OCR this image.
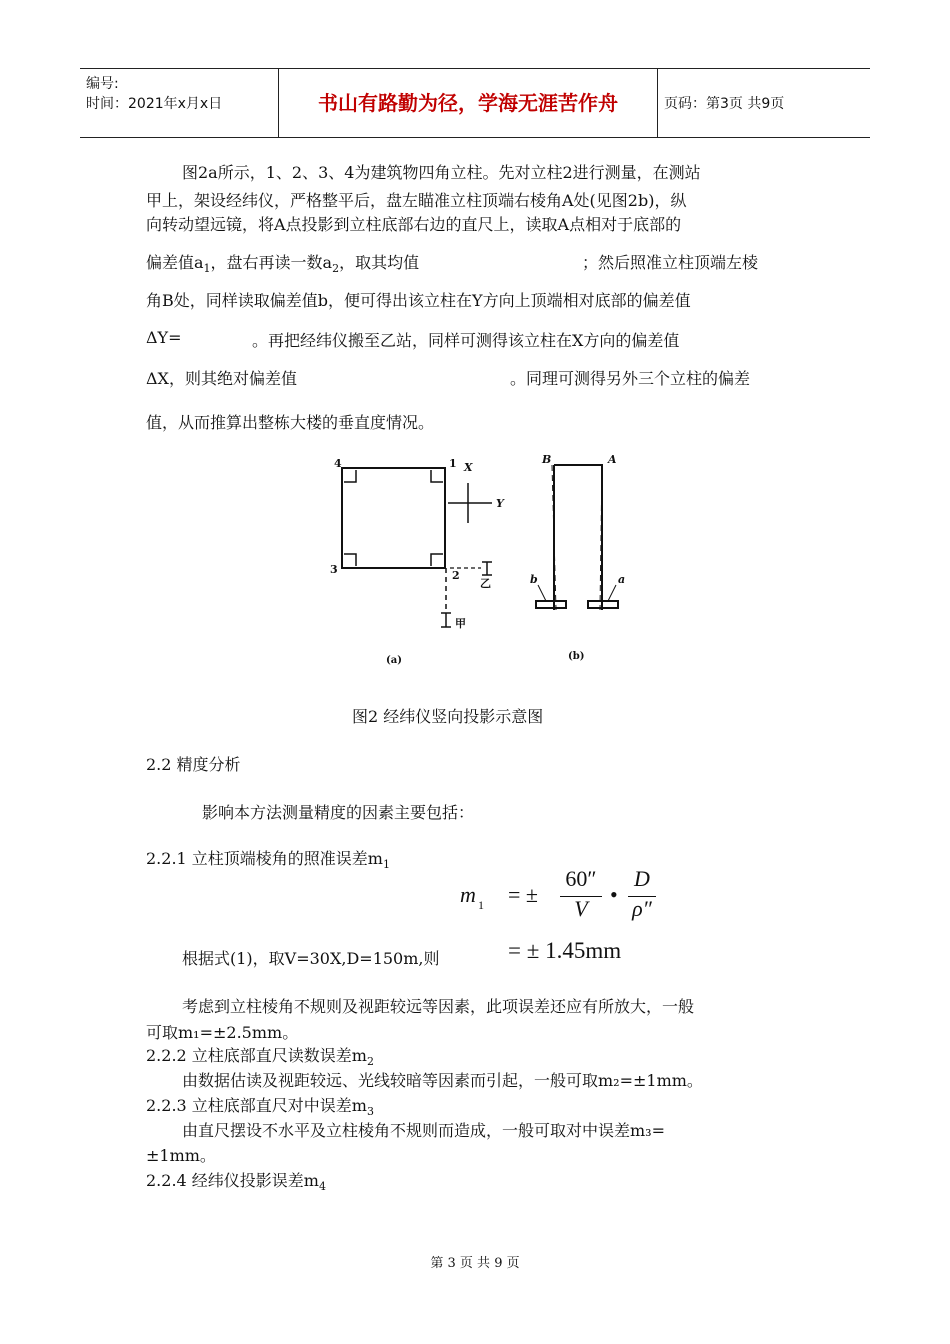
编号:
时间：2021年x月x日	书山有路勤为径，学海无涯苦作舟	页码：第3页 共9页
图2a所示，1、2、3、4为建筑物四角立柱。先对立柱2进行测量，在测站
甲上，架设经纬仪，严格整平后，盘左瞄准立柱顶端右棱角A处(见图2b)，纵
向转动望远镜，将A点投影到立柱底部右边的直尺上，读取A点相对于底部的
偏差值$a_1$，盘右再读一数$a_2$，取其均值	；然后照准立柱顶端左棱
角B处，同样读取偏差值b，便可得出该立柱在Y方向上顶端相对底部的偏差值
ΔY=	。再把经纬仪搬至乙站，同样可测得该立柱在X方向的偏差值
ΔX，则其绝对偏差值	。同理可测得另外三个立柱的偏差
值，从而推算出整栋大楼的垂直度情况。
4	1
3	2
X
Y
乙
甲
(a)
B	A
b	a
(b)
图2 经纬仪竖向投影示意图
2.2 精度分析
影响本方法测量精度的因素主要包括：
2.2.1 立柱顶端棱角的照准误差$m_1$
m 1 = ±
60″
V
•
D
ρ″
根据式(1)，取V=30X,D=150m,则	= ± 1.45mm
考虑到立柱棱角不规则及视距较远等因素，此项误差还应有所放大，一般
可取m₁=±2.5mm。
2.2.2 立柱底部直尺读数误差$m_2$
由数据估读及视距较远、光线较暗等因素而引起，一般可取m₂=±1mm。
2.2.3 立柱底部直尺对中误差$m_3$
由直尺摆设不水平及立柱棱角不规则而造成，一般可取对中误差m₃=
±1mm。
2.2.4 经纬仪投影误差$m_4$
第 3 页 共 9 页
